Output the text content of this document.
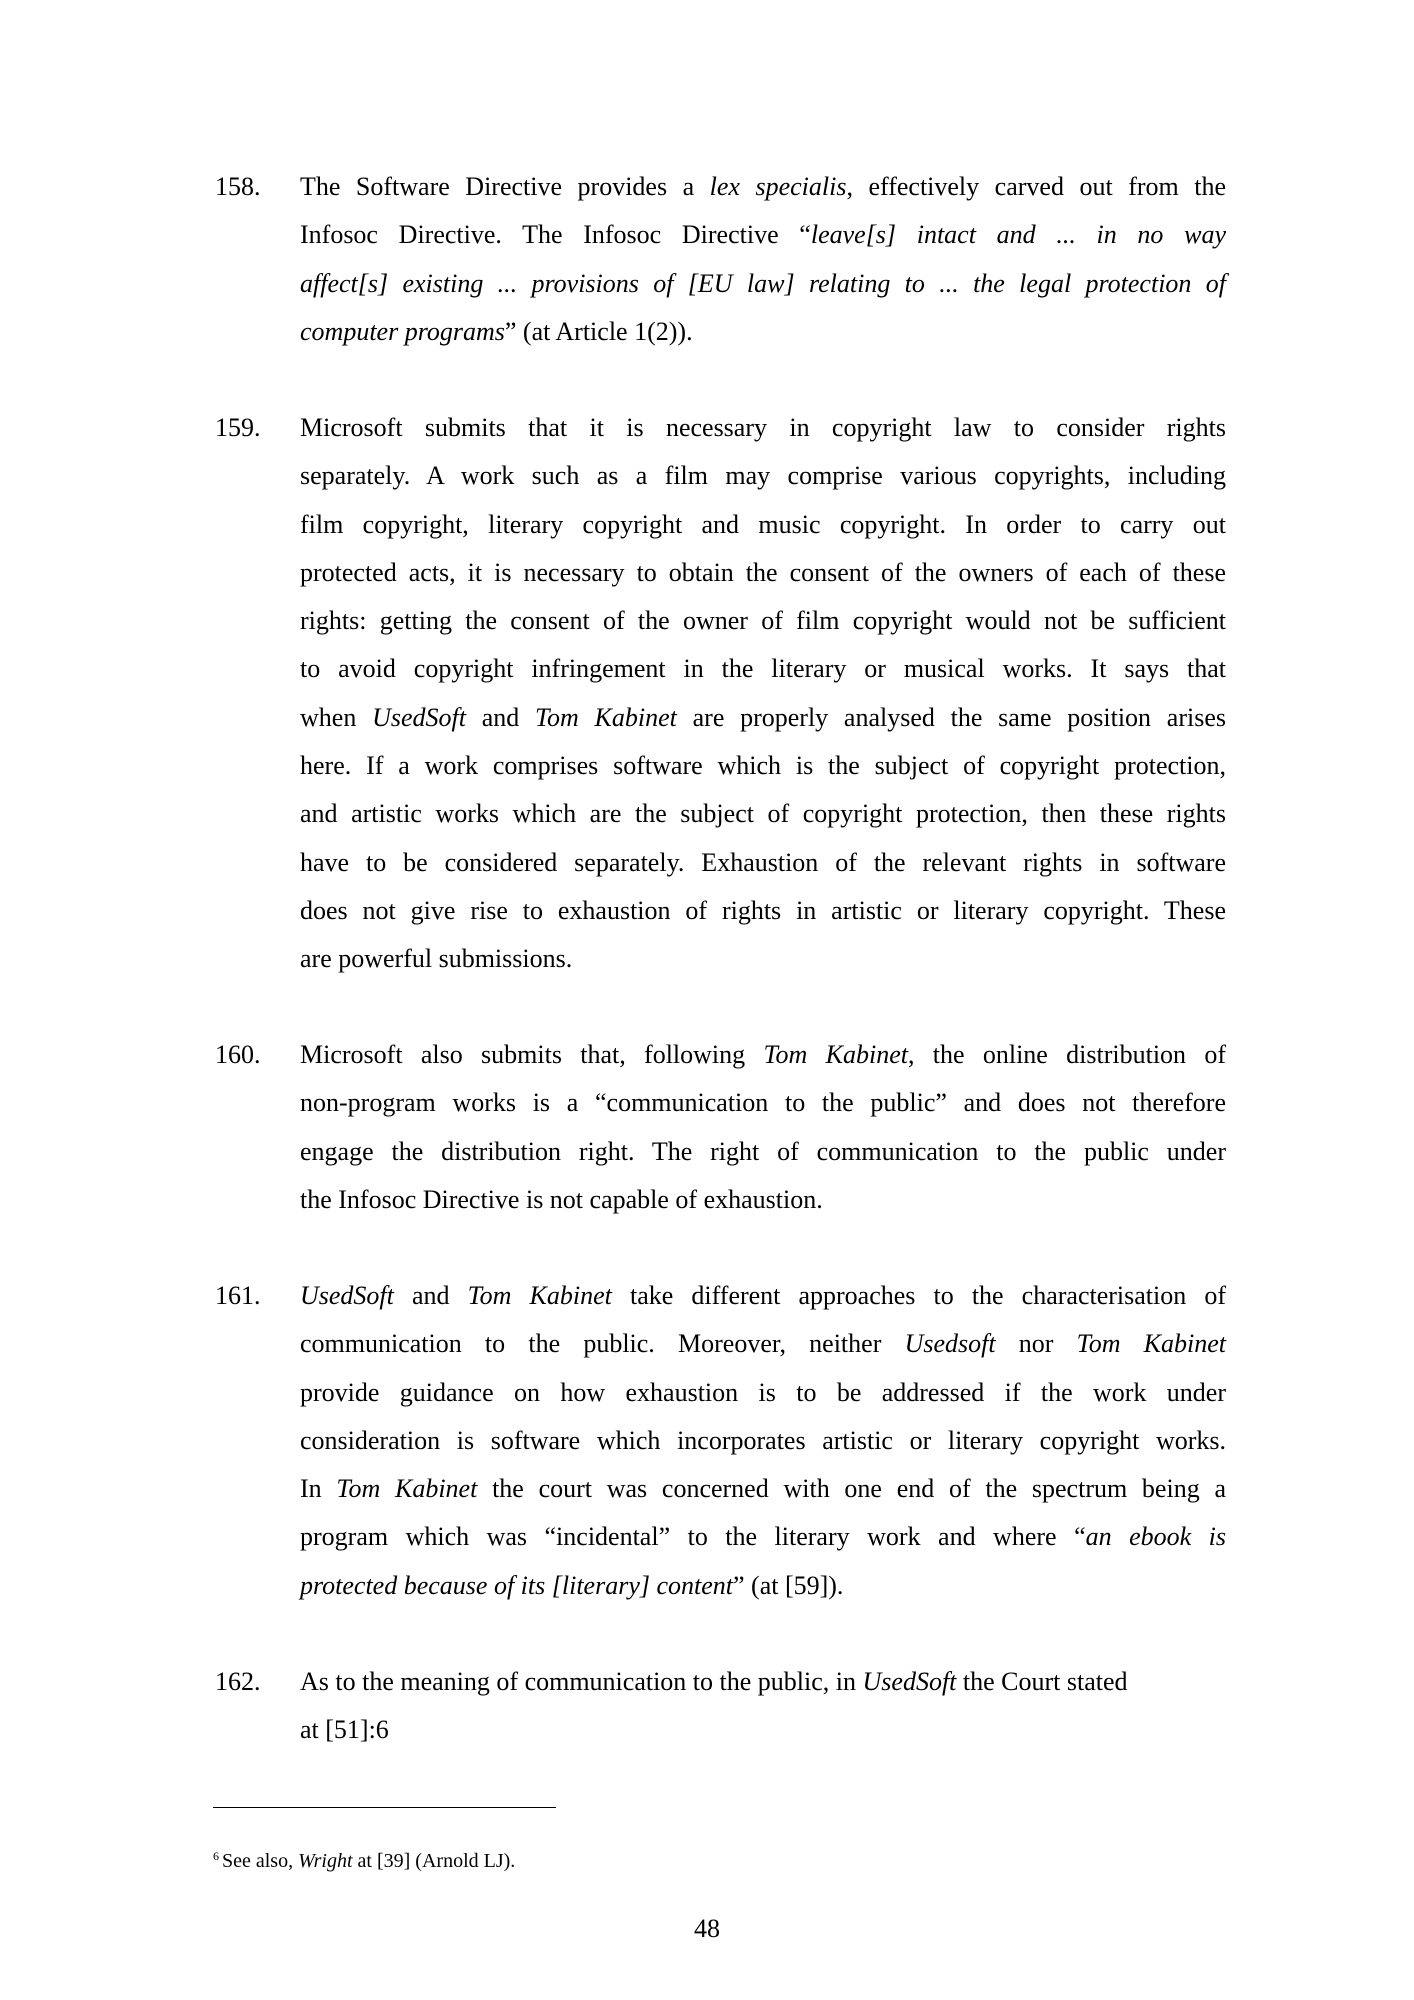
158. The Software Directive provides a lex specialis, effectively carved out from the
Infosoc Directive. The Infosoc Directive “leave[s] intact and ... in no way
affect[s] existing ... provisions of [EU law] relating to ... the legal protection of
computer programs” (at Article 1(2)).
159. Microsoft submits that it is necessary in copyright law to consider rights
separately. A work such as a film may comprise various copyrights, including
film copyright, literary copyright and music copyright. In order to carry out
protected acts, it is necessary to obtain the consent of the owners of each of these
rights: getting the consent of the owner of film copyright would not be sufficient
to avoid copyright infringement in the literary or musical works. It says that
when UsedSoft and Tom Kabinet are properly analysed the same position arises
here. If a work comprises software which is the subject of copyright protection,
and artistic works which are the subject of copyright protection, then these rights
have to be considered separately. Exhaustion of the relevant rights in software
does not give rise to exhaustion of rights in artistic or literary copyright. These
are powerful submissions.
160. Microsoft also submits that, following Tom Kabinet, the online distribution of
non-program works is a “communication to the public” and does not therefore
engage the distribution right. The right of communication to the public under
the Infosoc Directive is not capable of exhaustion.
161. UsedSoft and Tom Kabinet take different approaches to the characterisation of
communication to the public. Moreover, neither Usedsoft nor Tom Kabinet
provide guidance on how exhaustion is to be addressed if the work under
consideration is software which incorporates artistic or literary copyright works.
In Tom Kabinet the court was concerned with one end of the spectrum being a
program which was “incidental” to the literary work and where “an ebook is
protected because of its [literary] content” (at [59]).
162. As to the meaning of communication to the public, in UsedSoft the Court stated
at [51]:6
$^6$ See also, Wright at [39] (Arnold LJ).
48
